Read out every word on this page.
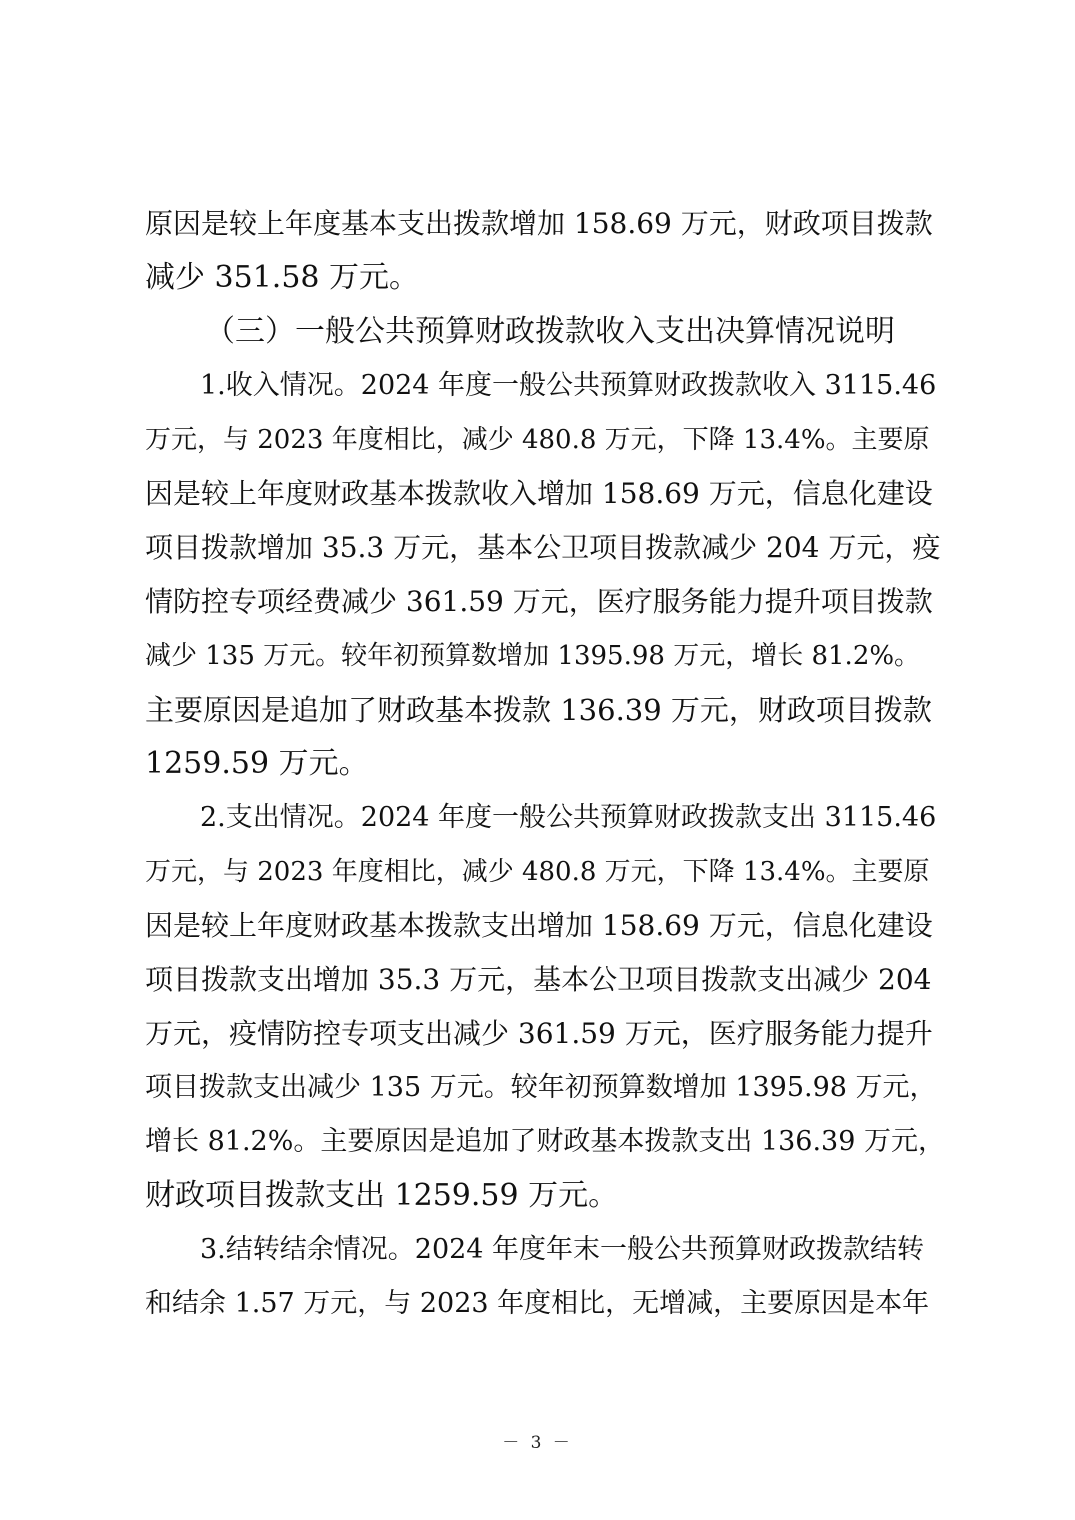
原因是较上年度基本支出拨款增加 158.69 万元，财政项目拨款
减少 351.58 万元。
（三）一般公共预算财政拨款收入支出决算情况说明
1.收入情况。2024 年度一般公共预算财政拨款收入 3115.46
万元，与 2023 年度相比，减少 480.8 万元，下降 13.4%。主要原
因是较上年度财政基本拨款收入增加 158.69 万元，信息化建设
项目拨款增加 35.3 万元，基本公卫项目拨款减少 204 万元，疫
情防控专项经费减少 361.59 万元，医疗服务能力提升项目拨款
减少 135 万元。较年初预算数增加 1395.98 万元，增长 81.2%。
主要原因是追加了财政基本拨款 136.39 万元，财政项目拨款
1259.59 万元。
2.支出情况。2024 年度一般公共预算财政拨款支出 3115.46
万元，与 2023 年度相比，减少 480.8 万元，下降 13.4%。主要原
因是较上年度财政基本拨款支出增加 158.69 万元，信息化建设
项目拨款支出增加 35.3 万元，基本公卫项目拨款支出减少 204
万元，疫情防控专项支出减少 361.59 万元，医疗服务能力提升
项目拨款支出减少 135 万元。较年初预算数增加 1395.98 万元，
增长 81.2%。主要原因是追加了财政基本拨款支出 136.39 万元，
财政项目拨款支出 1259.59 万元。
3.结转结余情况。2024 年度年末一般公共预算财政拨款结转
和结余 1.57 万元，与 2023 年度相比，无增减，主要原因是本年
－ 3 －
